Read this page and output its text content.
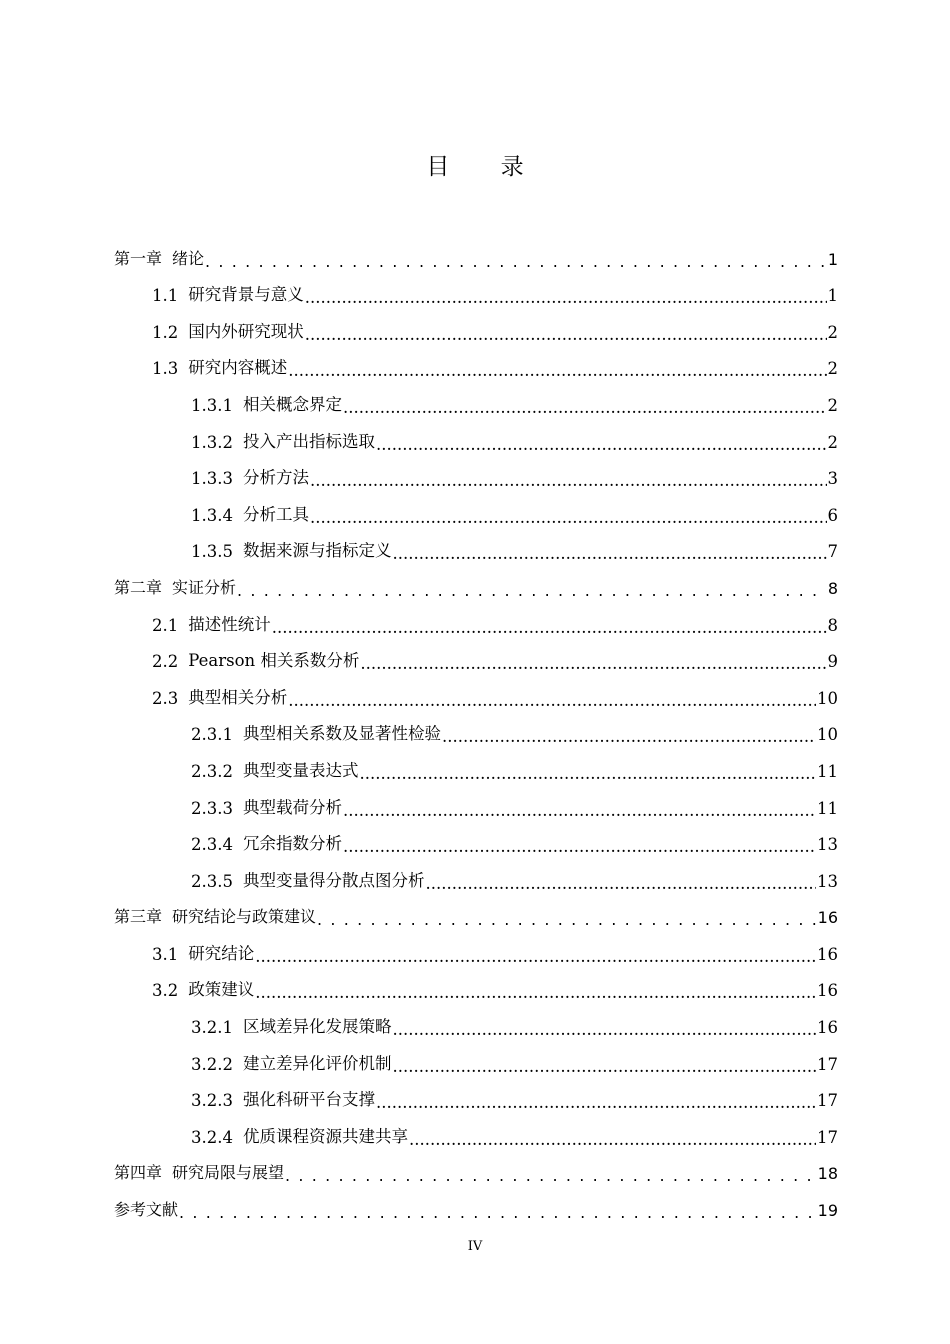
目 录
第一章 绪论 . . .	1
1.1 研究背景与意义 .....	1
1.2 国内外研究现状 .....	2
1.3 研究内容概述 .....	2
1.3.1 相关概念界定 .....	2
1.3.2 投入产出指标选取 .....	2
1.3.3 分析方法 .....	3
1.3.4 分析工具 .....	6
1.3.5 数据来源与指标定义 .....	7
第二章 实证分析 . . .	8
2.1 描述性统计 .....	8
2.2 Pearson 相关系数分析 .....	9
2.3 典型相关分析 .....	10
2.3.1 典型相关系数及显著性检验 .....	10
2.3.2 典型变量表达式 .....	11
2.3.3 典型载荷分析 .....	11
2.3.4 冗余指数分析 .....	13
2.3.5 典型变量得分散点图分析 .....	13
第三章 研究结论与政策建议 . . .	16
3.1 研究结论 .....	16
3.2 政策建议 .....	16
3.2.1 区域差异化发展策略 .....	16
3.2.2 建立差异化评价机制 .....	17
3.2.3 强化科研平台支撑 .....	17
3.2.4 优质课程资源共建共享 .....	17
第四章 研究局限与展望 . . .	18
参考文献 . . .	19
IV
